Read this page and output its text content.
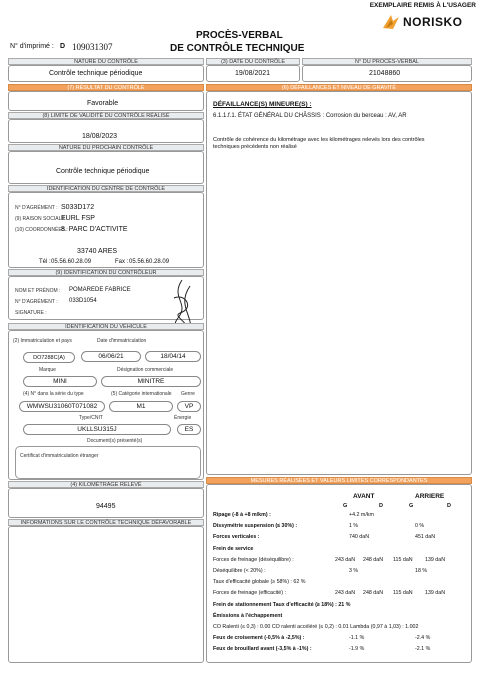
EXEMPLAIRE REMIS À L'USAGER
NORISKO
PROCÈS-VERBAL
DE CONTRÔLE TECHNIQUE
N° d'imprimé : D 109031307
NATURE DU CONTRÔLE
Contrôle technique périodique
(3) DATE DU CONTRÔLE
19/08/2021
N° DU PROCÈS-VERBAL
21048860
(7) RÉSULTAT DU CONTRÔLE
Favorable
(8) LIMITE DE VALIDITÉ DU CONTRÔLE RÉALISÉ
18/08/2023
NATURE DU PROCHAIN CONTRÔLE
Contrôle technique périodique
IDENTIFICATION DU CENTRE DE CONTRÔLE
N° D'AGRÉMENT : S033D172
(9) RAISON SOCIALE :
EURL FSP
(10) COORDONNÉES :
8. PARC D'ACTIVITE
33740 ARES
Tél : 05.56.60.28.09	Fax : 05.56.60.28.09
(9) IDENTIFICATION DU CONTRÔLEUR
NOM ET PRÉNOM : POMAREDE FABRICE
N° D'AGRÉMENT : 033D1054
SIGNATURE :
IDENTIFICATION DU VÉHICULE
(2) Immatriculation et pays	Date d'immatriculation
DO7288C(A)	06/06/21	18/04/14
Marque	Désignation commerciale
MINI	MINITRE
(4) N° dans la série du type	(5) Catégorie internationale Genre
WMWSU31060T071082	M1	VP
Type/CNIT	Énergie
UKLLSU315J	ES
Document(s) présenté(s)
Certificat d'immatriculation étranger
(4) KILOMÉTRAGE RELEVÉ
94495
INFORMATIONS SUR LE CONTRÔLE TECHNIQUE DÉFAVORABLE
(6) DÉFAILLANCES ET NIVEAU DE GRAVITÉ
DÉFAILLANCE(S) MINEURE(S) :
6.1.1.f.1. ÉTAT GÉNÉRAL DU CHÂSSIS : Corrosion du berceau : AV, AR
Contrôle de cohérence du kilométrage avec les kilométrages relevés lors des contrôles
techniques précédents non réalisé
MESURES RÉALISÉES ET VALEURS LIMITES CORRESPONDANTES
AVANT	ARRIERE
G	D	G	D
Ripage (-8 à +8 m/km) :	+4.2 m/km
Dissymétrie suspension (≤ 30%) :	1 %	0 %
Forces verticales :	740 daN	451 daN
Frein de service
Forces de freinage (déséquilibre) :	243 daN 248 daN 115 daN 139 daN
Déséquilibre (< 20%) :	3 %	18 %
Taux d'efficacité globale (≥ 58%) : 62 %
Forces de freinage (efficacité) :	243 daN 248 daN 115 daN 139 daN
Frein de stationnement Taux d'efficacité (≥ 18%) : 21 %
Émissions à l'échappement
CO Ralenti (≤ 0,3) : 0.00 CO ralenti accéléré (≤ 0,2) : 0.01 Lambda (0,97 à 1,03) : 1.002
Feux de croisement (-0,5% à -2,5%) :	-1.1 %	-2.4 %
Feux de brouillard avant (-3,5% à -1%) :	-1.9 %	-2.1 %
